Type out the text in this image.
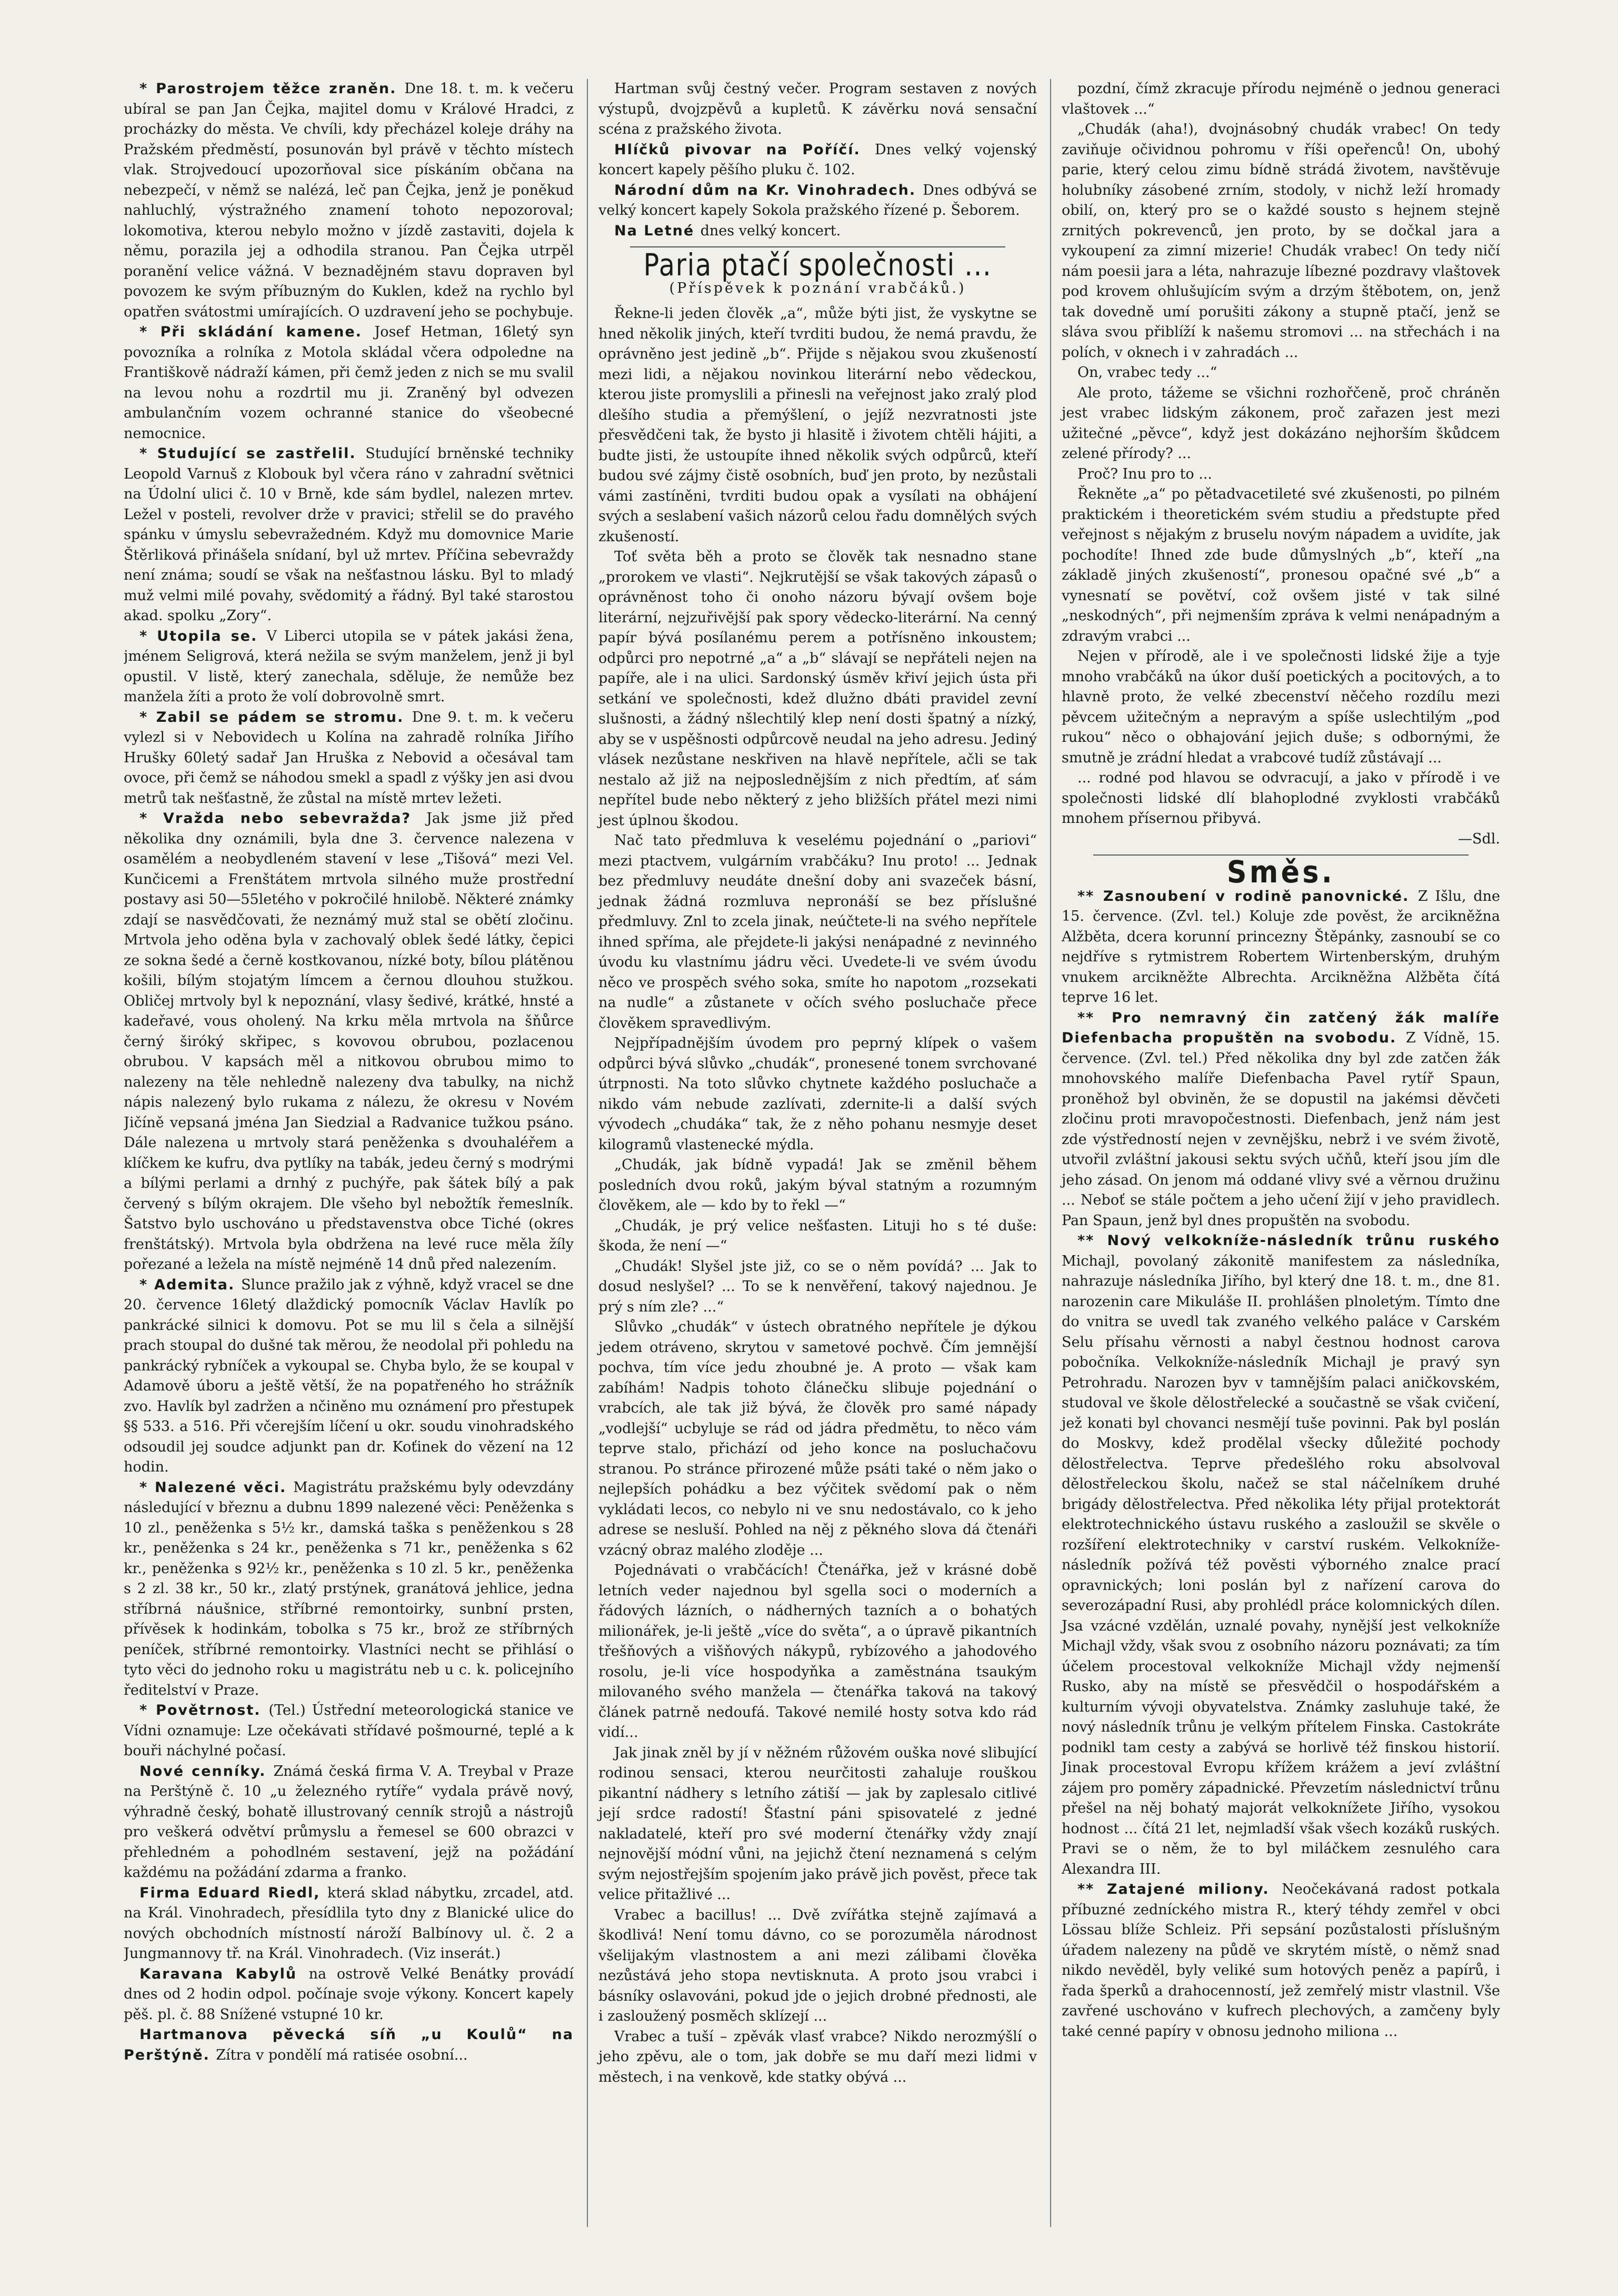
* Parostrojem těžce zraněn. Dne 18. t. m. k večeru ubíral se pan Jan Čejka, majitel domu v Králové Hradci, z procházky do města. Ve chvíli, kdy přecházel koleje dráhy na Pražském předměstí, posunován byl právě v těchto místech vlak. Strojvedoucí upozorňoval sice pískáním občana na nebezpečí, v němž se nalézá, leč pan Čejka, jenž je poněkud nahluchlý, výstražného znamení tohoto nepozoroval; lokomotiva, kterou nebylo možno v jízdě zastaviti, dojela k němu, porazila jej a odhodila stranou. Pan Čejka utrpěl poranění velice vážná. V beznadějném stavu dopraven byl povozem ke svým příbuzným do Kuklen, kdež na rychlo byl opatřen svátostmi umírajících. O uzdravení jeho se pochybuje.

* Při skládání kamene. Josef Hetman, 16letý syn povozníka a rolníka z Motola skládal včera odpoledne na Františkově nádraží kámen, při čemž jeden z nich se mu svalil na levou nohu a rozdrtil mu ji. Zraněný byl odvezen ambulančním vozem ochranné stanice do všeobecné nemocnice.

* Studující se zastřelil. Studující brněnské techniky Leopold Varnuš z Klobouk byl včera ráno v zahradní světnici na Údolní ulici č. 10 v Brně, kde sám bydlel, nalezen mrtev. Ležel v posteli, revolver drže v pravici; střelil se do pravého spánku v úmyslu sebevražedném. Když mu domovnice Marie Štěrliková přinášela snídaní, byl už mrtev. Příčina sebevraždy není známa; soudí se však na nešťastnou lásku. Byl to mladý muž velmi milé povahy, svědomitý a řádný. Byl také starostou akad. spolku „Zory“.

* Utopila se. V Liberci utopila se v pátek jakási žena, jménem Seligrová, která nežila se svým manželem, jenž ji byl opustil. V listě, který zanechala, sděluje, že nemůže bez manžela žíti a proto že volí dobrovolně smrt.

* Zabil se pádem se stromu. Dne 9. t. m. k večeru vylezl si v Nebovidech u Kolína na zahradě rolníka Jiřího Hrušky 60letý sadař Jan Hruška z Nebovid a očesával tam ovoce, při čemž se náhodou smekl a spadl z výšky jen asi dvou metrů tak nešťastně, že zůstal na místě mrtev ležeti.

* Vražda nebo sebevražda? Jak jsme již před několika dny oznámili, byla dne 3. července nalezena v osamělém a neobydleném stavení v lese „Tišová“ mezi Vel. Kunčicemi a Frenštátem mrtvola silného muže prostřední postavy asi 50—55letého v pokročilé hnilobě. Některé známky zdají se nasvědčovati, že neznámý muž stal se obětí zločinu. Mrtvola jeho oděna byla v zachovalý oblek šedé látky, čepici ze sokna šedé a černě kostkovanou, nízké boty, bílou plátěnou košili, bílým stojatým límcem a černou dlouhou stužkou. Obličej mrtvoly byl k nepoznání, vlasy šedivé, krátké, hnsté a kadeřavé, vous oholený. Na krku měla mrtvola na šňůrce černý širóký skřipec, s kovovou obrubou, pozlacenou obrubou. V kapsách měl a nitkovou obrubou mimo to nalezeny na těle nehledně nalezeny dva tabulky, na nichž nápis nalezený bylo rukama z nálezu, že okresu v Novém Jičíně vepsaná jména Jan Siedzial a Radvanice tužkou psáno. Dále nalezena u mrtvoly stará peněženka s dvouhaléřem a klíčkem ke kufru, dva pytlíky na tabák, jedeu černý s modrými a bílými perlami a drnhý z puchýře, pak šátek bílý a pak červený s bílým okrajem. Dle všeho byl nebožtík řemeslník. Šatstvo bylo uschováno u představenstva obce Tiché (okres frenštátský). Mrtvola byla obdržena na levé ruce měla žíly pořezané a ležela na místě nejméně 14 dnů před nalezením.

* Ademita. Slunce pražilo jak z výhně, když vracel se dne 20. července 16letý dlaždický pomocník Václav Havlík po pankrácké silnici k domovu. Pot se mu lil s čela a silnější prach stoupal do dušné tak měrou, že neodolal při pohledu na pankrácký rybníček a vykoupal se. Chyba bylo, že se koupal v Adamově úboru a ještě větší, že na popatřeného ho strážník zvo. Havlík byl zadržen a nčiněno mu oznámení pro přestupek §§ 533. a 516. Při včerejším líčení u okr. soudu vinohradského odsoudil jej soudce adjunkt pan dr. Koťinek do vězení na 12 hodin.

* Nalezené věci. Magistrátu pražskému byly odevzdány následující v březnu a dubnu 1899 nalezené věci: Peněženka s 10 zl., peněženka s 5½ kr., damská taška s peněženkou s 28 kr., peněženka s 24 kr., peněženka s 71 kr., peněženka s 62 kr., peněženka s 92½ kr., peněženka s 10 zl. 5 kr., peněženka s 2 zl. 38 kr., 50 kr., zlatý prstýnek, granátová jehlice, jedna stříbrná náušnice, stříbrné remontoirky, sunbní prsten, přívěsek k hodinkám, tobolka s 75 kr., brož ze stříbrných peníček, stříbrné remontoirky. Vlastníci necht se přihlásí o tyto věci do jednoho roku u magistrátu neb u c. k. policejního ředitelství v Praze.

* Povětrnost. (Tel.) Ústřední meteorologická stanice ve Vídni oznamuje: Lze očekávati střídavé pošmourné, teplé a k bouři náchylné počasí.

Nové cenníky. Známá česká firma V. A. Treybal v Praze na Perštýně č. 10 „u železného rytíře“ vydala právě nový, výhradně český, bohatě illustrovaný cenník strojů a nástrojů pro veškerá odvětví průmyslu a řemesel se 600 obrazci v přehledném a pohodlném sestavení, jejž na požádání každému na požádání zdarma a franko.

Firma Eduard Riedl, která sklad nábytku, zrcadel, atd. na Král. Vinohradech, přesídlila tyto dny z Blanické ulice do nových obchodních místností nároží Balbínovy ul. č. 2 a Jungmannovy tř. na Král. Vinohradech. (Viz inserát.)

Karavana Kabylů na ostrově Velké Benátky provádí dnes od 2 hodin odpol. počínaje svoje výkony. Koncert kapely pěš. pl. č. 88 Snížené vstupné 10 kr.

Hartmanova pěvecká síň „u Koulů“ na Perštýně. Zítra v pondělí má ratisée osobní...

Hartman svůj čestný večer. Program sestaven z nových výstupů, dvojzpěvů a kupletů. K závěrku nová sensační scéna z pražského života.

Hlíčků pivovar na Poříčí. Dnes velký vojenský koncert kapely pěšího pluku č. 102.

Národní dům na Kr. Vinohradech. Dnes odbývá se velký koncert kapely Sokola pražského řízené p. Šeborem.

Na Letné dnes velký koncert.

Paria ptačí společnosti ...
(Příspěvek k poznání vrabčáků.)

Řekne-li jeden člověk „a“, může býti jist, že vyskytne se hned několik jiných, kteří tvrditi budou, že nemá pravdu, že oprávněno jest jedině „b“. Přijde s nějakou svou zkušeností mezi lidi, a nějakou novinkou literární nebo vědeckou, kterou jiste promyslili a přinesli na veřejnost jako zralý plod dlešího studia a přemýšlení, o jejíž nezvratnosti jste přesvědčeni tak, že bysto ji hlasitě i životem chtěli hájiti, a budte jisti, že ustoupíte ihned několik svých odpůrců, kteří budou své zájmy čistě osobních, buď jen proto, by nezůstali vámi zastíněni, tvrditi budou opak a vysílati na obhájení svých a seslabení vašich názorů celou řadu domnělých svých zkušeností.

Toť světa běh a proto se člověk tak nesnadno stane „prorokem ve vlasti“. Nejkrutější se však takových zápasů o oprávněnost toho či onoho názoru bývají ovšem boje literární, nejzuřivější pak spory vědecko-literární. Na cenný papír bývá posílanému perem a potřísněno inkoustem; odpůrci pro nepotrné „a“ a „b“ slávají se nepřáteli nejen na papíře, ale i na ulici. Sardonský úsměv křiví jejich ústa při setkání ve společnosti, kdež dlužno dbáti pravidel zevní slušnosti, a žádný nšlechtilý klep není dosti špatný a nízký, aby se v uspěšnosti odpůrcově neudal na jeho adresu. Jediný vlásek nezůstane neskřiven na hlavě nepřítele, ačli se tak nestalo až již na nejposlednějším z nich předtím, ať sám nepřítel bude nebo některý z jeho bližších přátel mezi nimi jest úplnou škodou.

Nač tato předmluva k veselému pojednání o „pariovi“ mezi ptactvem, vulgárním vrabčáku? Inu proto! ... Jednak bez předmluvy neudáte dnešní doby ani svazeček básní, jednak žádná rozmluva nepronáší se bez příslušné předmluvy. Znl to zcela jinak, neúčtete-li na svého nepřítele ihned spříma, ale přejdete-li jakýsi nenápadné z nevinného úvodu ku vlastnímu jádru věci. Uvedete-li ve svém úvodu něco ve prospěch svého soka, smíte ho napotom „rozsekati na nudle“ a zůstanete v očích svého posluchače přece člověkem spravedlivým.

Nejpřípadnějším úvodem pro peprný klípek o vašem odpůrci bývá slůvko „chudák“, pronesené tonem svrchované útrpnosti. Na toto slůvko chytnete každého posluchače a nikdo vám nebude zazlívati, zdernite-li a další svých vývodech „chudáka“ tak, že z něho pohanu nesmyje deset kilogramů vlastenecké mýdla.

„Chudák, jak bídně vypadá! Jak se změnil během posledních dvou roků, jakým býval statným a rozumným člověkem, ale — kdo by to řekl —“

„Chudák, je prý velice nešťasten. Lituji ho s té duše: škoda, že není —“

„Chudák! Slyšel jste již, co se o něm povídá? ... Jak to dosud neslyšel? ... To se k nenvěření, takový najednou. Je prý s ním zle? ...“

Slůvko „chudák“ v ústech obratného nepřítele je dýkou jedem otráveno, skrytou v sametové pochvě. Čím jemnější pochva, tím více jedu zhoubné je. A proto — však kam zabíhám! Nadpis tohoto článečku slibuje pojednání o vrabcích, ale tak již bývá, že člověk pro samé nápady „vodlejší“ ucbyluje se rád od jádra předmětu, to něco vám teprve stalo, přichází od jeho konce na posluchačovu stranou. Po stránce přirozené může psáti také o něm jako o nejlepších pohádku a bez výčitek svědomí pak o něm vykládati lecos, co nebylo ni ve snu nedostávalo, co k jeho adrese se nesluší. Pohled na něj z pěkného slova dá čtenáři vzácný obraz malého zloděje ...

Pojednávati o vrabčácích! Čtenářka, jež v krásné době letních veder najednou byl sgella soci o moderních a řádových lázních, o nádherných tazních a o bohatých milionářek, je-li ještě „více do světa“, a o úpravě pikantních třešňových a višňových nákypů, rybízového a jahodového rosolu, je-li více hospodyňka a zaměstnána tsaukým milovaného svého manžela — čtenářka taková na takový článek patrně nedoufá. Takové nemilé hosty sotva kdo rád vidí...

Jak jinak zněl by jí v něžném růžovém ouška nové slibující rodinou sensaci, kterou neurčitosti zahaluje rouškou pikantní nádhery s letního zátiší — jak by zaplesalo citlivé její srdce radostí! Šťastní páni spisovatelé z jedné nakladatelé, kteří pro své moderní čtenářky vždy znají nejnovější módní vůni, na jejichž čtení neznamená s celým svým nejostřejším spojením jako právě jich pověst, přece tak velice přitažlivé ...

Vrabec a bacillus! ... Dvě zvířátka stejně zajímavá a škodlivá! Není tomu dávno, co se porozuměla národnost všelijakým vlastnostem a ani mezi zálibami člověka nezůstává jeho stopa nevtisknuta. A proto jsou vrabci i básníky oslavováni, pokud jde o jejich drobné přednosti, ale i zasloužený posměch sklízejí ...

Vrabec a tuší – zpěvák vlasť vrabce? Nikdo nerozmýšlí o jeho zpěvu, ale o tom, jak dobře se mu daří mezi lidmi v městech, i na venkově, kde statky obývá ...

pozdní, čímž zkracuje přírodu nejméně o jednou generaci vlaštovek ...“

„Chudák (aha!), dvojnásobný chudák vrabec! On tedy zaviňuje očividnou pohromu v říši opeřenců! On, ubohý parie, který celou zimu bídně strádá životem, navštěvuje holubníky zásobené zrním, stodoly, v nichž leží hromady obilí, on, který pro se o každé sousto s hejnem stejně zrnitých pokrevenců, jen proto, by se dočkal jara a vykoupení za zimní mizerie! Chudák vrabec! On tedy ničí nám poesii jara a léta, nahrazuje líbezné pozdravy vlaštovek pod krovem ohlušujícím svým a drzým štěbotem, on, jenž tak dovedně umí porušiti zákony a stupně ptačí, jenž se sláva svou přiblíží k našemu stromovi ... na střechách i na polích, v oknech i v zahradách ...

On, vrabec tedy ...“

Ale proto, tážeme se všichni rozhořčeně, proč chráněn jest vrabec lidským zákonem, proč zařazen jest mezi užitečné „pěvce“, když jest dokázáno nejhorším škůdcem zelené přírody? ...

Proč? Inu pro to ...

Řekněte „a“ po pětadvacetileté své zkušenosti, po pilném praktickém i theoretickém svém studiu a předstupte před veřejnost s nějakým z bruselu novým nápadem a uvidíte, jak pochodíte! Ihned zde bude důmyslných „b“, kteří „na základě jiných zkušeností“, pronesou opačné své „b“ a vynesnatí se povětví, což ovšem jisté v tak silné „neskodných“, při nejmenším zpráva k velmi nenápadným a zdravým vrabci ...

Nejen v přírodě, ale i ve společnosti lidské žije a tyje mnoho vrabčáků na úkor duší poetických a pocitových, a to hlavně proto, že velké zbecenství něčeho rozdílu mezi pěvcem užitečným a nepravým a spíše uslechtilým „pod rukou“ něco o obhajování jejich duše; s odbornými, že smutně je zrádní hledat a vrabcové tudíž zůstávají ...

... rodné pod hlavou se odvracují, a jako v přírodě i ve společnosti lidské dlí blahoplodné zvyklosti vrabčáků mnohem přísernou přibyvá.

—Sdl.

Směs.

** Zasnoubení v rodině panovnické. Z Išlu, dne 15. července. (Zvl. tel.) Koluje zde pověst, že arcikněžna Alžběta, dcera korunní princezny Štěpánky, zasnoubí se co nejdříve s rytmistrem Robertem Wirtenberským, druhým vnukem arcikněžte Albrechta. Arcikněžna Alžběta čítá teprve 16 let.

** Pro nemravný čin zatčený žák malíře Diefenbacha propuštěn na svobodu. Z Vídně, 15. července. (Zvl. tel.) Před několika dny byl zde zatčen žák mnohovského malíře Diefenbacha Pavel rytíř Spaun, proněhož byl obviněn, že se dopustil na jakémsi děvčeti zločinu proti mravopočestnosti. Diefenbach, jenž nám jest zde výstředností nejen v zevnějšku, nebrž i ve svém životě, utvořil zvláštní jakousi sektu svých učňů, kteří jsou jím dle jeho zásad. On jenom má oddané vlivy své a věrnou družinu ... Neboť se stále počtem a jeho učení žijí v jeho pravidlech. Pan Spaun, jenž byl dnes propuštěn na svobodu.

** Nový velkokníže-následník trůnu ruského Michajl, povolaný zákonitě manifestem za následníka, nahrazuje následníka Jiřího, byl který dne 18. t. m., dne 81. narozenin care Mikuláše II. prohlášen plnoletým. Tímto dne do vnitra se uvedl tak zvaného velkého paláce v Carském Selu přísahu věrnosti a nabyl čestnou hodnost carova pobočníka. Velkokníže-následník Michajl je pravý syn Petrohradu. Narozen byv v tamnějším palaci aničkovském, studoval ve škole dělostřelecké a součastně se však cvičení, jež konati byl chovanci nesmějí tuše povinni. Pak byl poslán do Moskvy, kdež prodělal všecky důležité pochody dělostřelectva. Teprve předešlého roku absolvoval dělostřeleckou školu, načež se stal náčelníkem druhé brigády dělostřelectva. Před několika léty přijal protektorát elektrotechnického ústavu ruského a zasloužil se skvěle o rozšíření elektrotechniky v carství ruském. Velkokníže-následník požívá též pověsti výborného znalce prací opravnických; loni poslán byl z nařízení carova do severozápadní Rusi, aby prohlédl práce kolomnických dílen. Jsa vzácné vzdělán, uznalé povahy, nynější jest velkokníže Michajl vždy, však svou z osobního názoru poznávati; za tím účelem procestoval velkokníže Michajl vždy nejmenší Rusko, aby na místě se přesvědčil o hospodářském a kulturním vývoji obyvatelstva. Známky zasluhuje také, že nový následník trůnu je velkým přítelem Finska. Castokráte podnikl tam cesty a zabývá se horlivě též finskou historií. Jinak procestoval Evropu křížem krážem a jeví zvláštní zájem pro poměry západnické. Převzetím následnictví trůnu přešel na něj bohatý majorát velkoknížete Jiřího, vysokou hodnost ... čítá 21 let, nejmladší však všech kozáků ruských. Pravi se o něm, že to byl miláčkem zesnulého cara Alexandra III.

** Zatajené miliony. Neočekávaná radost potkala příbuzné zedníckého mistra R., který téhdy zemřel v obci Lössau blíže Schleiz. Při sepsání pozůstalosti příslušným úřadem nalezeny na půdě ve skrytém místě, o němž snad nikdo nevěděl, byly veliké sum hotových peněz a papírů, i řada šperků a drahocenností, jež zemřelý mistr vlastnil. Vše zavřené uschováno v kufrech plechových, a zamčeny byly také cenné papíry v obnosu jednoho miliona ...
